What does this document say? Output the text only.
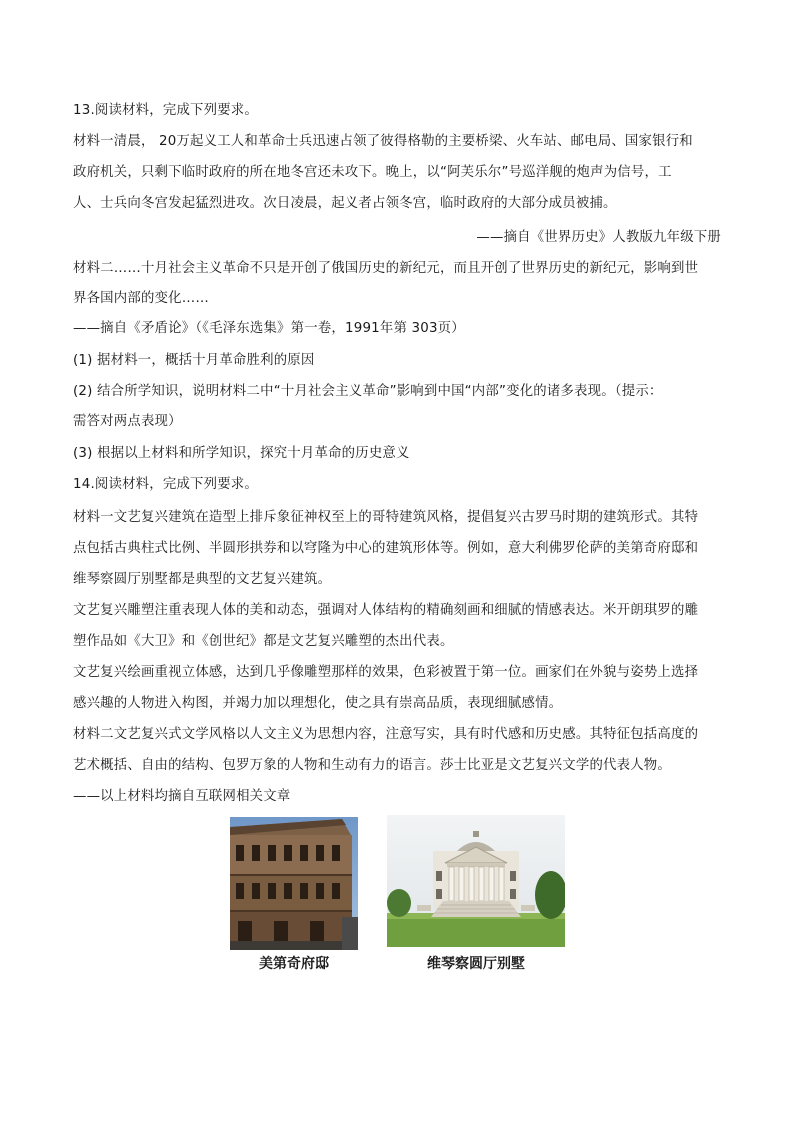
13.阅读材料，完成下列要求。
材料一清晨， 20万起义工人和革命士兵迅速占领了彼得格勒的主要桥梁、火车站、邮电局、国家银行和
政府机关，只剩下临时政府的所在地冬宫还未攻下。晚上，以“阿芙乐尔”号巡洋舰的炮声为信号，工
人、士兵向冬宫发起猛烈进攻。次日凌晨，起义者占领冬宫，临时政府的大部分成员被捕。
——摘自《世界历史》人教版九年级下册
材料二……十月社会主义革命不只是开创了俄国历史的新纪元，而且开创了世界历史的新纪元，影响到世
界各国内部的变化……
——摘自《矛盾论》（《毛泽东选集》第一卷，1991年第 303页）
(1) 据材料一，概括十月革命胜利的原因
(2) 结合所学知识，说明材料二中“十月社会主义革命”影响到中国“内部”变化的诸多表现。（提示：
需答对两点表现）
(3) 根据以上材料和所学知识，探究十月革命的历史意义
14.阅读材料，完成下列要求。
材料一文艺复兴建筑在造型上排斥象征神权至上的哥特建筑风格，提倡复兴古罗马时期的建筑形式。其特
点包括古典柱式比例、半圆形拱券和以穹隆为中心的建筑形体等。例如，意大利佛罗伦萨的美第奇府邸和
维琴察圆厅别墅都是典型的文艺复兴建筑。
文艺复兴雕塑注重表现人体的美和动态，强调对人体结构的精确刻画和细腻的情感表达。米开朗琪罗的雕
塑作品如《大卫》和《创世纪》都是文艺复兴雕塑的杰出代表。
文艺复兴绘画重视立体感，达到几乎像雕塑那样的效果，色彩被置于第一位。画家们在外貌与姿势上选择
感兴趣的人物进入构图，并竭力加以理想化，使之具有崇高品质，表现细腻感情。
材料二文艺复兴式文学风格以人文主义为思想内容，注意写实，具有时代感和历史感。其特征包括高度的
艺术概括、自由的结构、包罗万象的人物和生动有力的语言。莎士比亚是文艺复兴文学的代表人物。
——以上材料均摘自互联网相关文章
美第奇府邸	维琴察圆厅别墅
